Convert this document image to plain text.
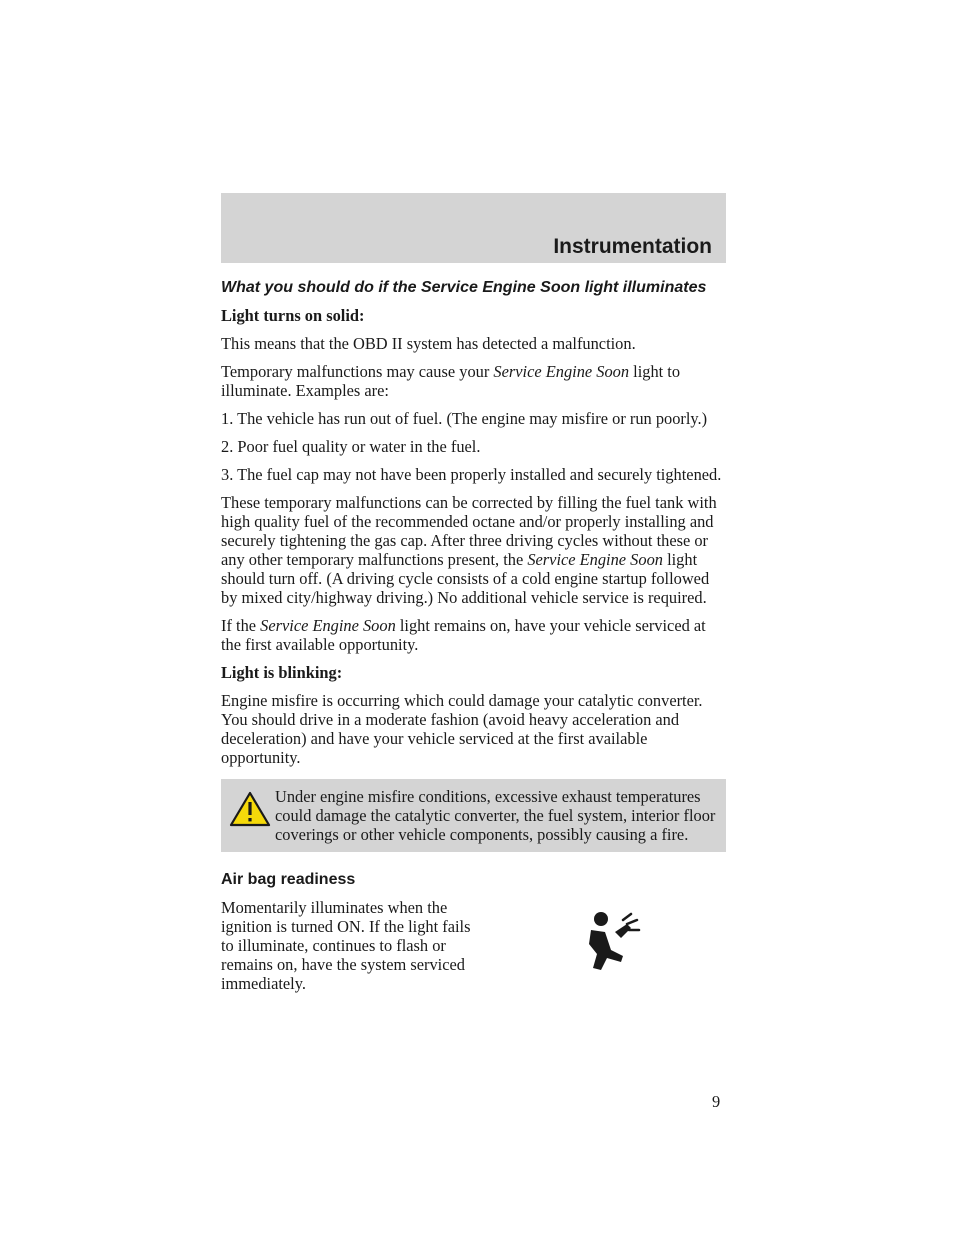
Instrumentation

What you should do if the Service Engine Soon light illuminates

Light turns on solid:

This means that the OBD II system has detected a malfunction.

Temporary malfunctions may cause your Service Engine Soon light to illuminate. Examples are:

1. The vehicle has run out of fuel. (The engine may misfire or run poorly.)

2. Poor fuel quality or water in the fuel.

3. The fuel cap may not have been properly installed and securely tightened.

These temporary malfunctions can be corrected by filling the fuel tank with high quality fuel of the recommended octane and/or properly installing and securely tightening the gas cap. After three driving cycles without these or any other temporary malfunctions present, the Service Engine Soon light should turn off. (A driving cycle consists of a cold engine startup followed by mixed city/highway driving.) No additional vehicle service is required.

If the Service Engine Soon light remains on, have your vehicle serviced at the first available opportunity.

Light is blinking:

Engine misfire is occurring which could damage your catalytic converter. You should drive in a moderate fashion (avoid heavy acceleration and deceleration) and have your vehicle serviced at the first available opportunity.

Under engine misfire conditions, excessive exhaust temperatures could damage the catalytic converter, the fuel system, interior floor coverings or other vehicle components, possibly causing a fire.

Air bag readiness

Momentarily illuminates when the ignition is turned ON. If the light fails to illuminate, continues to flash or remains on, have the system serviced immediately.

9
